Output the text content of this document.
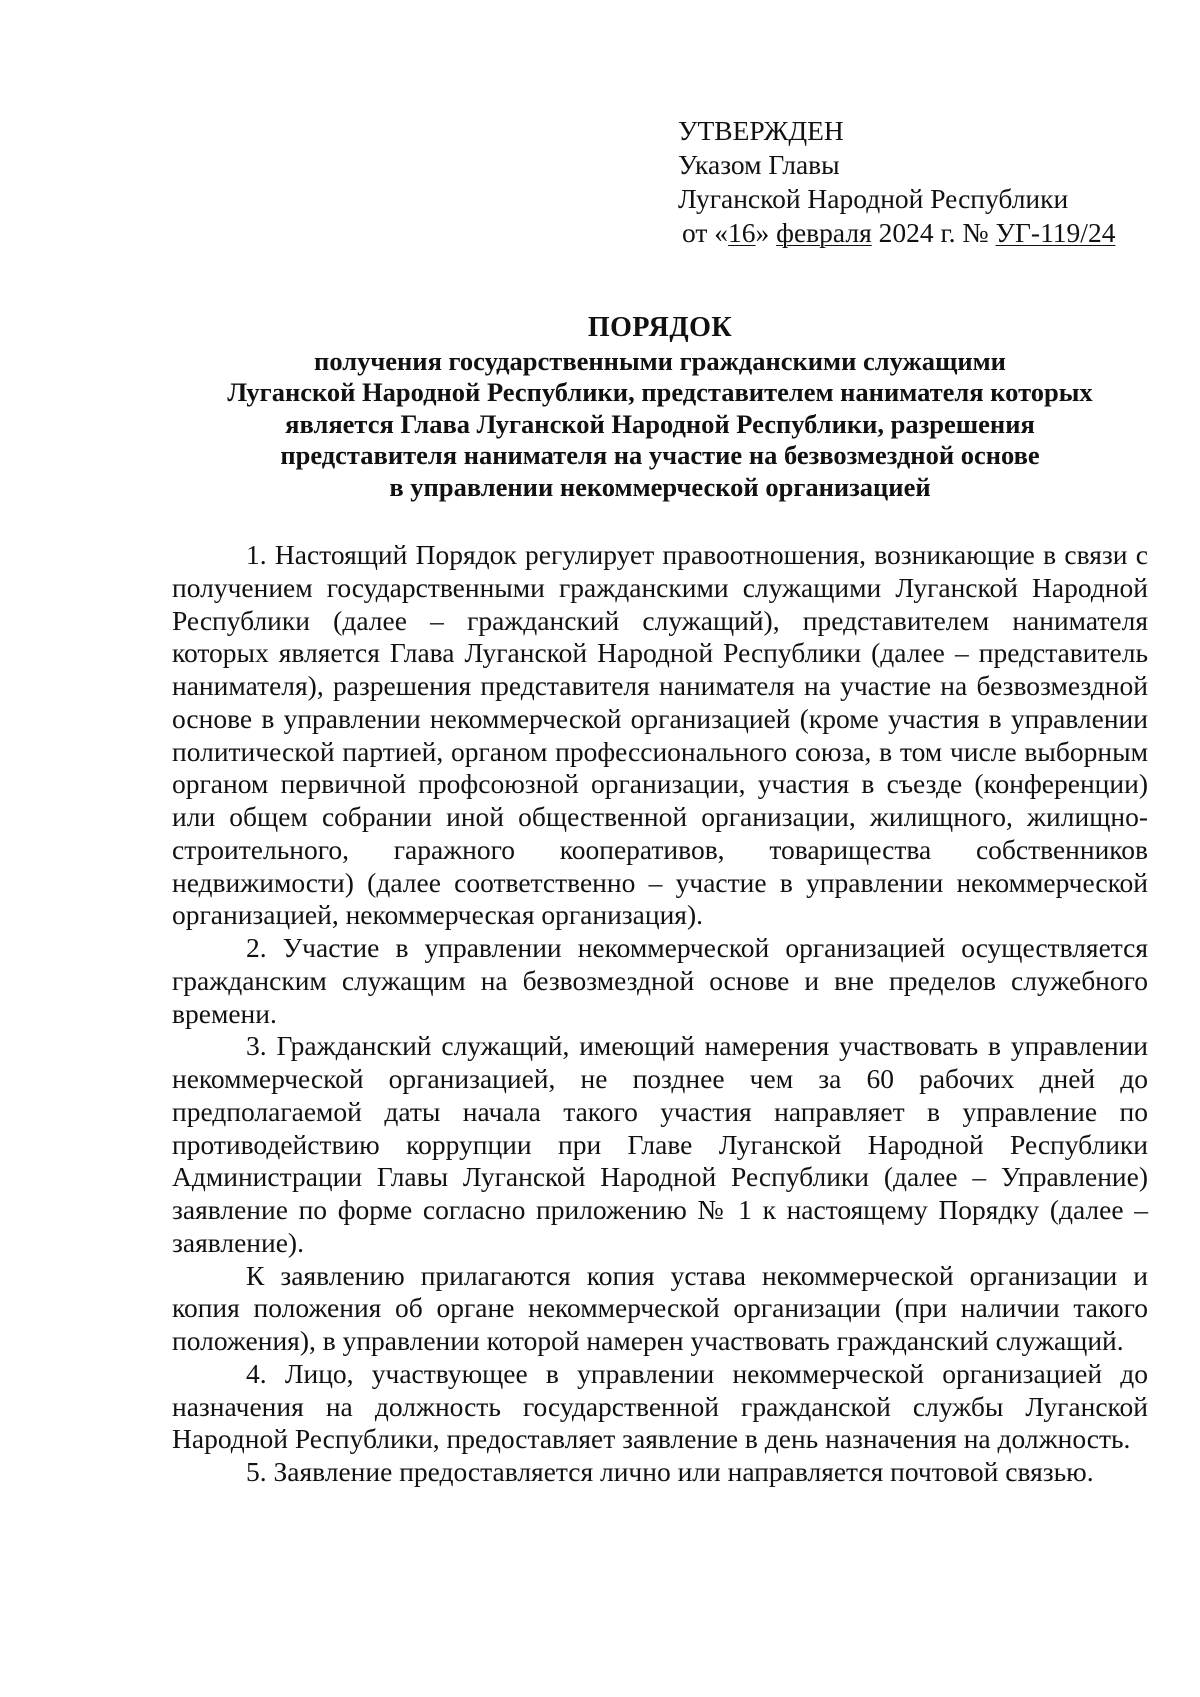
УТВЕРЖДЕН
Указом Главы
Луганской Народной Республики
от «16» февраля 2024 г. № УГ-119/24
ПОРЯДОК
получения государственными гражданскими служащими
Луганской Народной Республики, представителем нанимателя которых
является Глава Луганской Народной Республики, разрешения
представителя нанимателя на участие на безвозмездной основе
в управлении некоммерческой организацией

1. Настоящий Порядок регулирует правоотношения, возникающие в связи с получением государственными гражданскими служащими Луганской Народной Республики (далее – гражданский служащий), представителем нанимателя которых является Глава Луганской Народной Республики (далее – представитель нанимателя), разрешения представителя нанимателя на участие на безвозмездной основе в управлении некоммерческой организацией (кроме участия в управлении политической партией, органом профессионального союза, в том числе выборным органом первичной профсоюзной организации, участия в съезде (конференции) или общем собрании иной общественной организации, жилищного, жилищно-строительного, гаражного кооперативов, товарищества собственников недвижимости) (далее соответственно – участие в управлении некоммерческой организацией, некоммерческая организация).

2. Участие в управлении некоммерческой организацией осуществляется гражданским служащим на безвозмездной основе и вне пределов служебного времени.

3. Гражданский служащий, имеющий намерения участвовать в управлении некоммерческой организацией, не позднее чем за 60 рабочих дней до предполагаемой даты начала такого участия направляет в управление по противодействию коррупции при Главе Луганской Народной Республики Администрации Главы Луганской Народной Республики (далее – Управление) заявление по форме согласно приложению № 1 к настоящему Порядку (далее – заявление).

К заявлению прилагаются копия устава некоммерческой организации и копия положения об органе некоммерческой организации (при наличии такого положения), в управлении которой намерен участвовать гражданский служащий.

4. Лицо, участвующее в управлении некоммерческой организацией до назначения на должность государственной гражданской службы Луганской Народной Республики, предоставляет заявление в день назначения на должность.

5. Заявление предоставляется лично или направляется почтовой связью.
